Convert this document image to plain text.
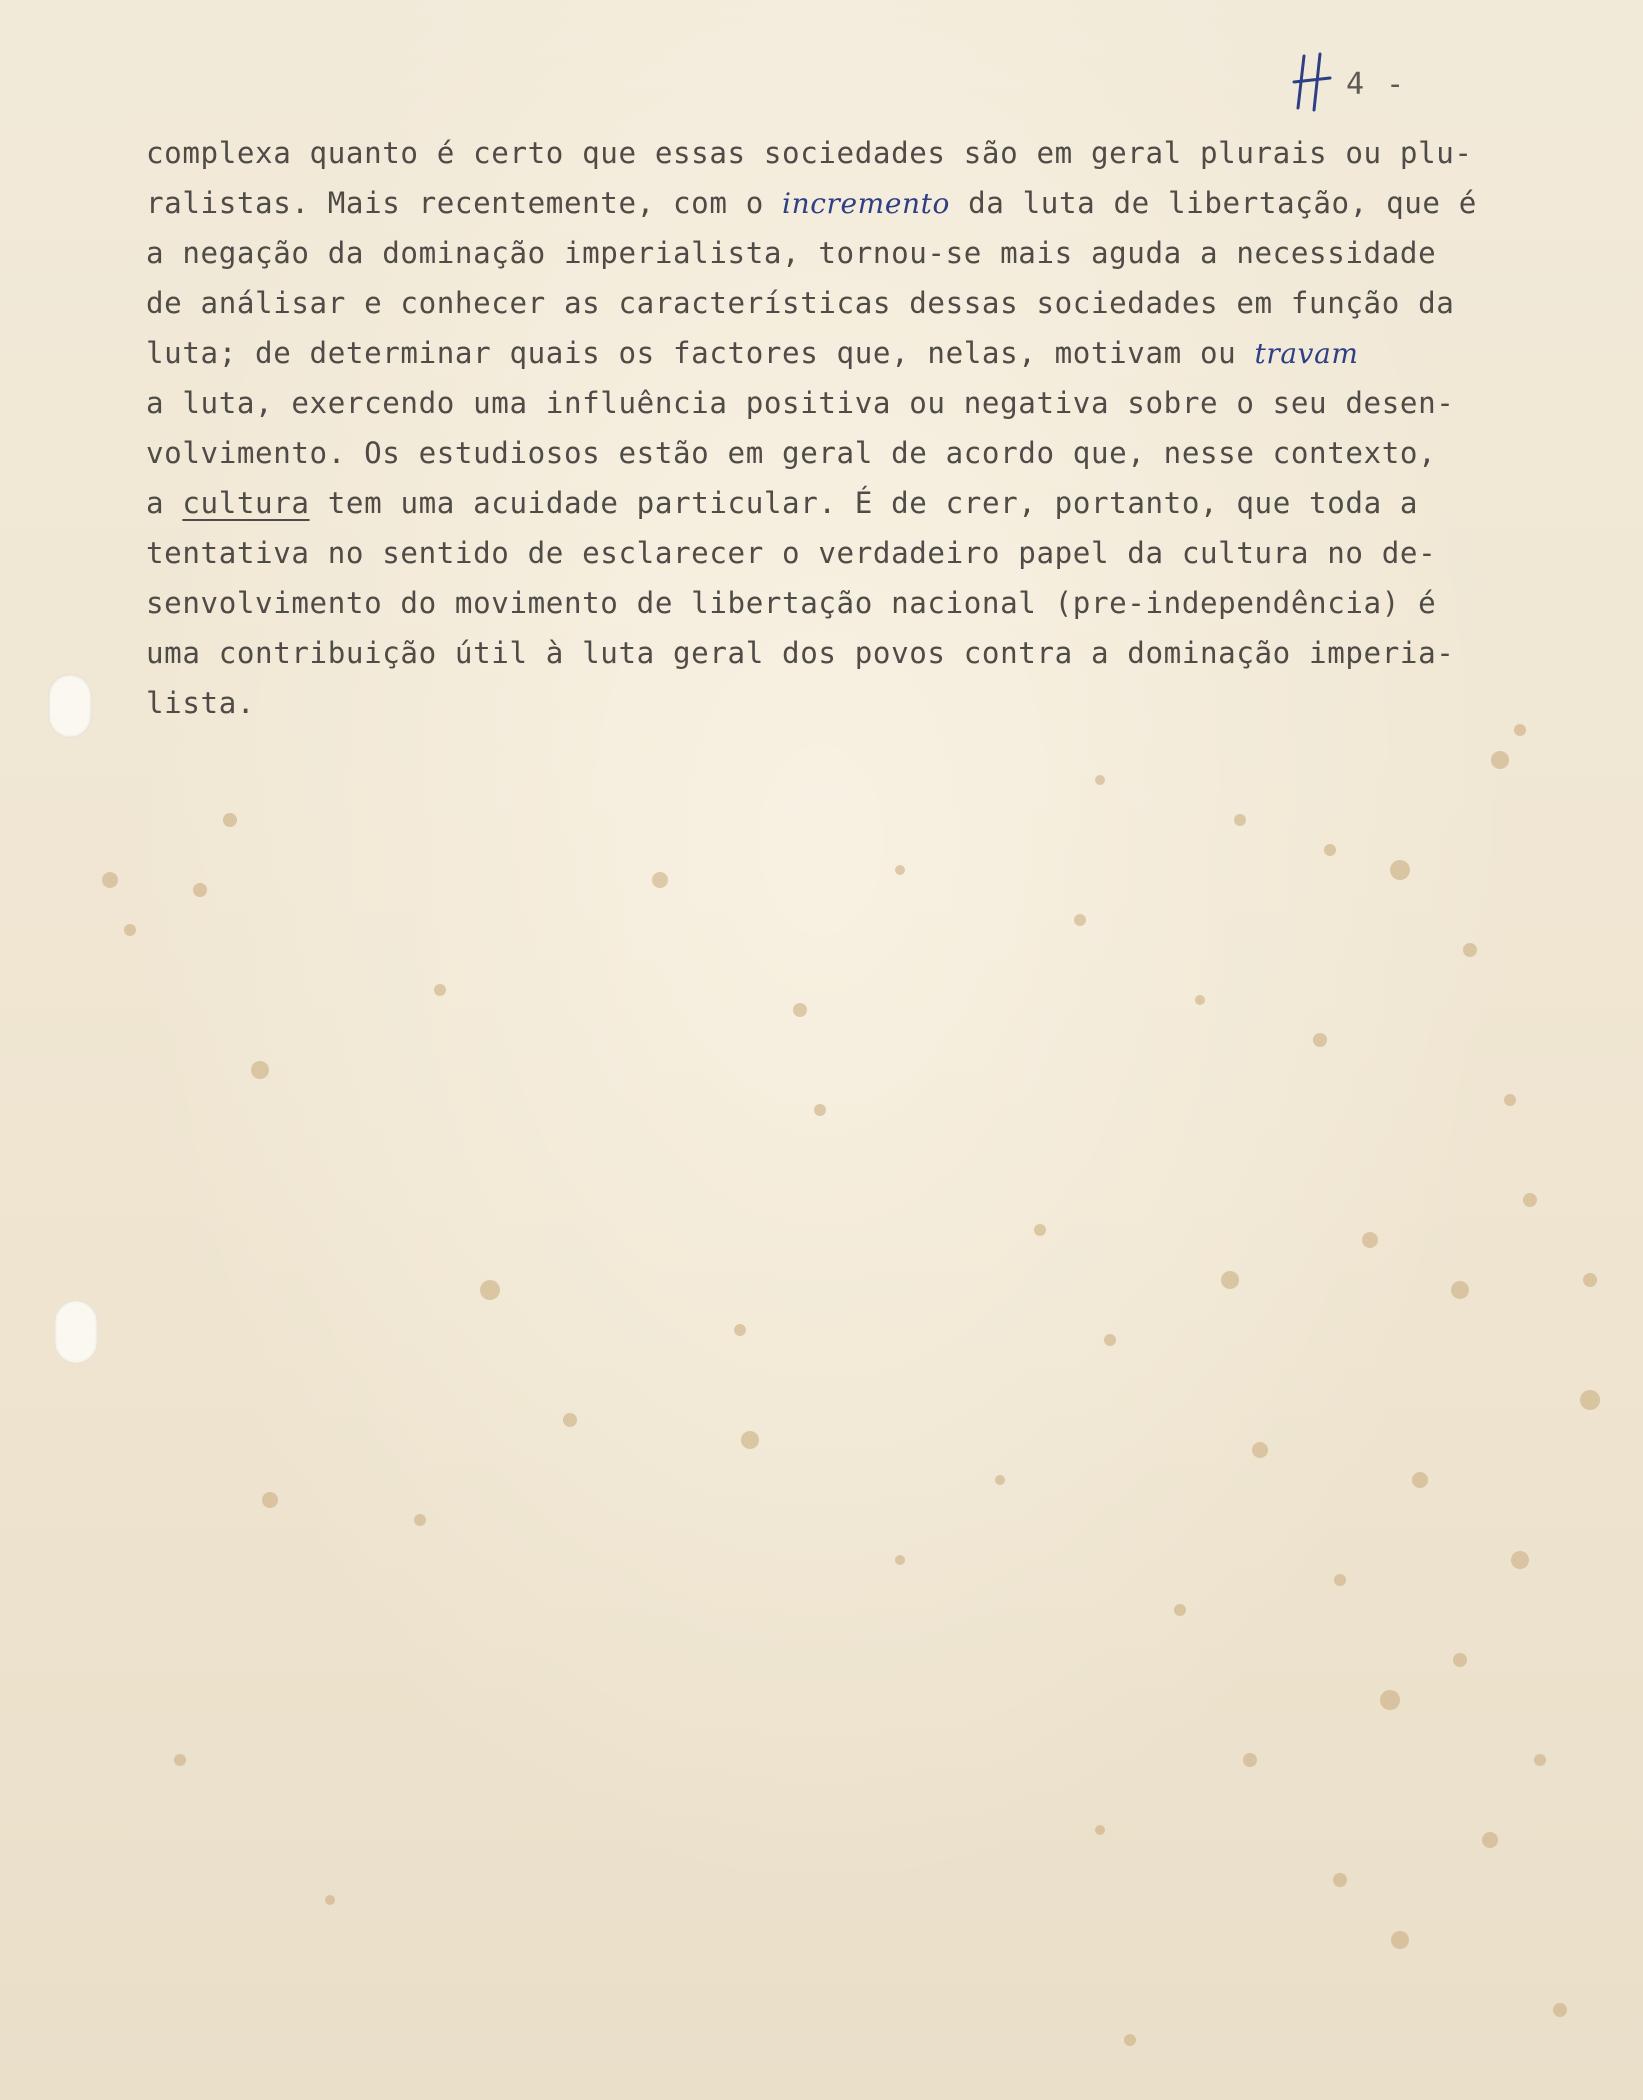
4 -
complexa quanto é certo que essas sociedades são em geral plurais ou plu-
ralistas. Mais recentemente, com o incremento da luta de libertação, que é
a negação da dominação imperialista, tornou-se mais aguda a necessidade
de análisar e conhecer as características dessas sociedades em função da
luta; de determinar quais os factores que, nelas, motivam ou travam
a luta, exercendo uma influência positiva ou negativa sobre o seu desen-
volvimento. Os estudiosos estão em geral de acordo que, nesse contexto,
a cultura tem uma acuidade particular. É de crer, portanto, que toda a
tentativa no sentido de esclarecer o verdadeiro papel da cultura no de-
senvolvimento do movimento de libertação nacional (pre-independência) é
uma contribuição útil à luta geral dos povos contra a dominação imperia-
lista.
